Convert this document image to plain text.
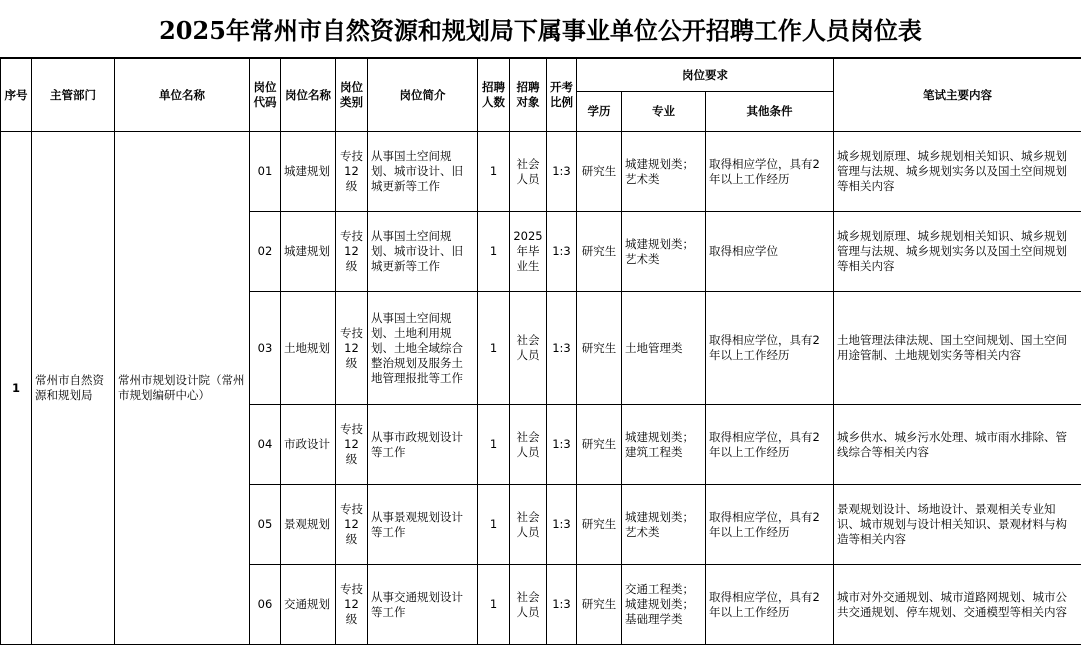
2025年常州市自然资源和规划局下属事业单位公开招聘工作人员岗位表
序号	主管部门	单位名称	岗位代码	岗位名称	岗位类别	岗位简介	招聘人数	招聘对象	开考比例	岗位要求			笔试主要内容
										学历	专业	其他条件	
1	常州市自然资源和规划局	常州市规划设计院（常州市规划编研中心）	01	城建规划	专技12级	从事国土空间规划、城市设计、旧城更新等工作	1	社会人员	1:3	研究生	城建规划类；艺术类	取得相应学位，具有2年以上工作经历	城乡规划原理、城乡规划相关知识、城乡规划管理与法规、城乡规划实务以及国土空间规划等相关内容
			02	城建规划	专技12级	从事国土空间规划、城市设计、旧城更新等工作	1	2025年毕业生	1:3	研究生	城建规划类；艺术类	取得相应学位	城乡规划原理、城乡规划相关知识、城乡规划管理与法规、城乡规划实务以及国土空间规划等相关内容
			03	土地规划	专技12级	从事国土空间规划、土地利用规划、土地全域综合整治规划及服务土地管理报批等工作	1	社会人员	1:3	研究生	土地管理类	取得相应学位，具有2年以上工作经历	土地管理法律法规、国土空间规划、国土空间用途管制、土地规划实务等相关内容
			04	市政设计	专技12级	从事市政规划设计等工作	1	社会人员	1:3	研究生	城建规划类；建筑工程类	取得相应学位，具有2年以上工作经历	城乡供水、城乡污水处理、城市雨水排除、管线综合等相关内容
			05	景观规划	专技12级	从事景观规划设计等工作	1	社会人员	1:3	研究生	城建规划类；艺术类	取得相应学位，具有2年以上工作经历	景观规划设计、场地设计、景观相关专业知识、城市规划与设计相关知识、景观材料与构造等相关内容
			06	交通规划	专技12级	从事交通规划设计等工作	1	社会人员	1:3	研究生	交通工程类；城建规划类；基础理学类	取得相应学位，具有2年以上工作经历	城市对外交通规划、城市道路网规划、城市公共交通规划、停车规划、交通模型等相关内容
